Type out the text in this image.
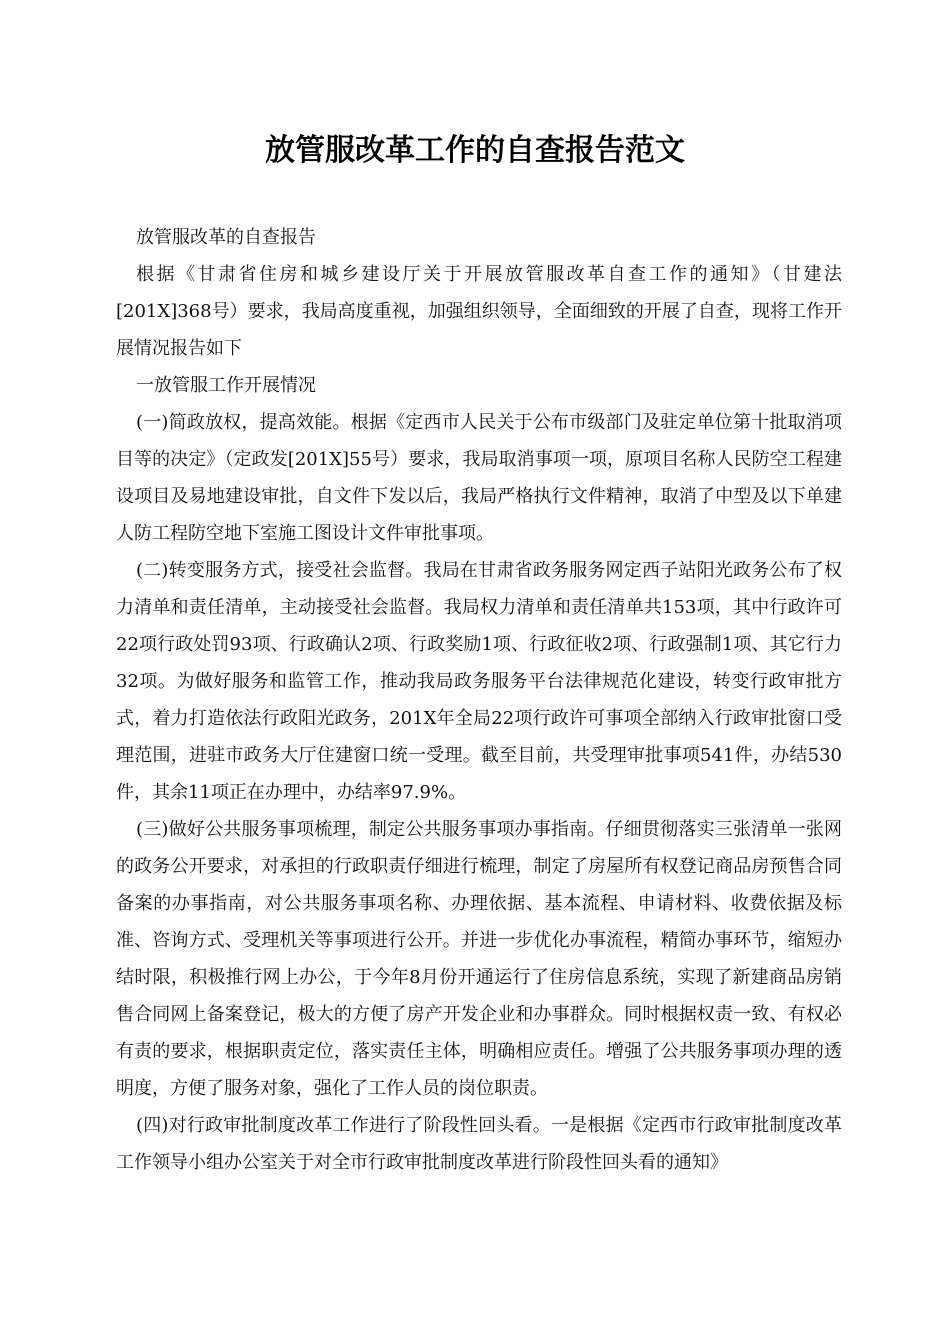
放管服改革工作的自查报告范文

放管服改革的自查报告

根据《甘肃省住房和城乡建设厅关于开展放管服改革自查工作的通知》（甘建法[201X]368号）要求，我局高度重视，加强组织领导，全面细致的开展了自查，现将工作开展情况报告如下

一放管服工作开展情况

(一)简政放权，提高效能。根据《定西市人民关于公布市级部门及驻定单位第十批取消项目等的决定》（定政发[201X]55号）要求，我局取消事项一项，原项目名称人民防空工程建设项目及易地建设审批，自文件下发以后，我局严格执行文件精神，取消了中型及以下单建人防工程防空地下室施工图设计文件审批事项。

(二)转变服务方式，接受社会监督。我局在甘肃省政务服务网定西子站阳光政务公布了权力清单和责任清单，主动接受社会监督。我局权力清单和责任清单共153项，其中行政许可22项行政处罚93项、行政确认2项、行政奖励1项、行政征收2项、行政强制1项、其它行力32项。为做好服务和监管工作，推动我局政务服务平台法律规范化建设，转变行政审批方式，着力打造依法行政阳光政务，201X年全局22项行政许可事项全部纳入行政审批窗口受理范围，进驻市政务大厅住建窗口统一受理。截至目前，共受理审批事项541件，办结530件，其余11项正在办理中，办结率97.9%。

(三)做好公共服务事项梳理，制定公共服务事项办事指南。仔细贯彻落实三张清单一张网的政务公开要求，对承担的行政职责仔细进行梳理，制定了房屋所有权登记商品房预售合同备案的办事指南，对公共服务事项名称、办理依据、基本流程、申请材料、收费依据及标准、咨询方式、受理机关等事项进行公开。并进一步优化办事流程，精简办事环节，缩短办结时限，积极推行网上办公，于今年8月份开通运行了住房信息系统，实现了新建商品房销售合同网上备案登记，极大的方便了房产开发企业和办事群众。同时根据权责一致、有权必有责的要求，根据职责定位，落实责任主体，明确相应责任。增强了公共服务事项办理的透明度，方便了服务对象，强化了工作人员的岗位职责。

(四)对行政审批制度改革工作进行了阶段性回头看。一是根据《定西市行政审批制度改革工作领导小组办公室关于对全市行政审批制度改革进行阶段性回头看的通知》
